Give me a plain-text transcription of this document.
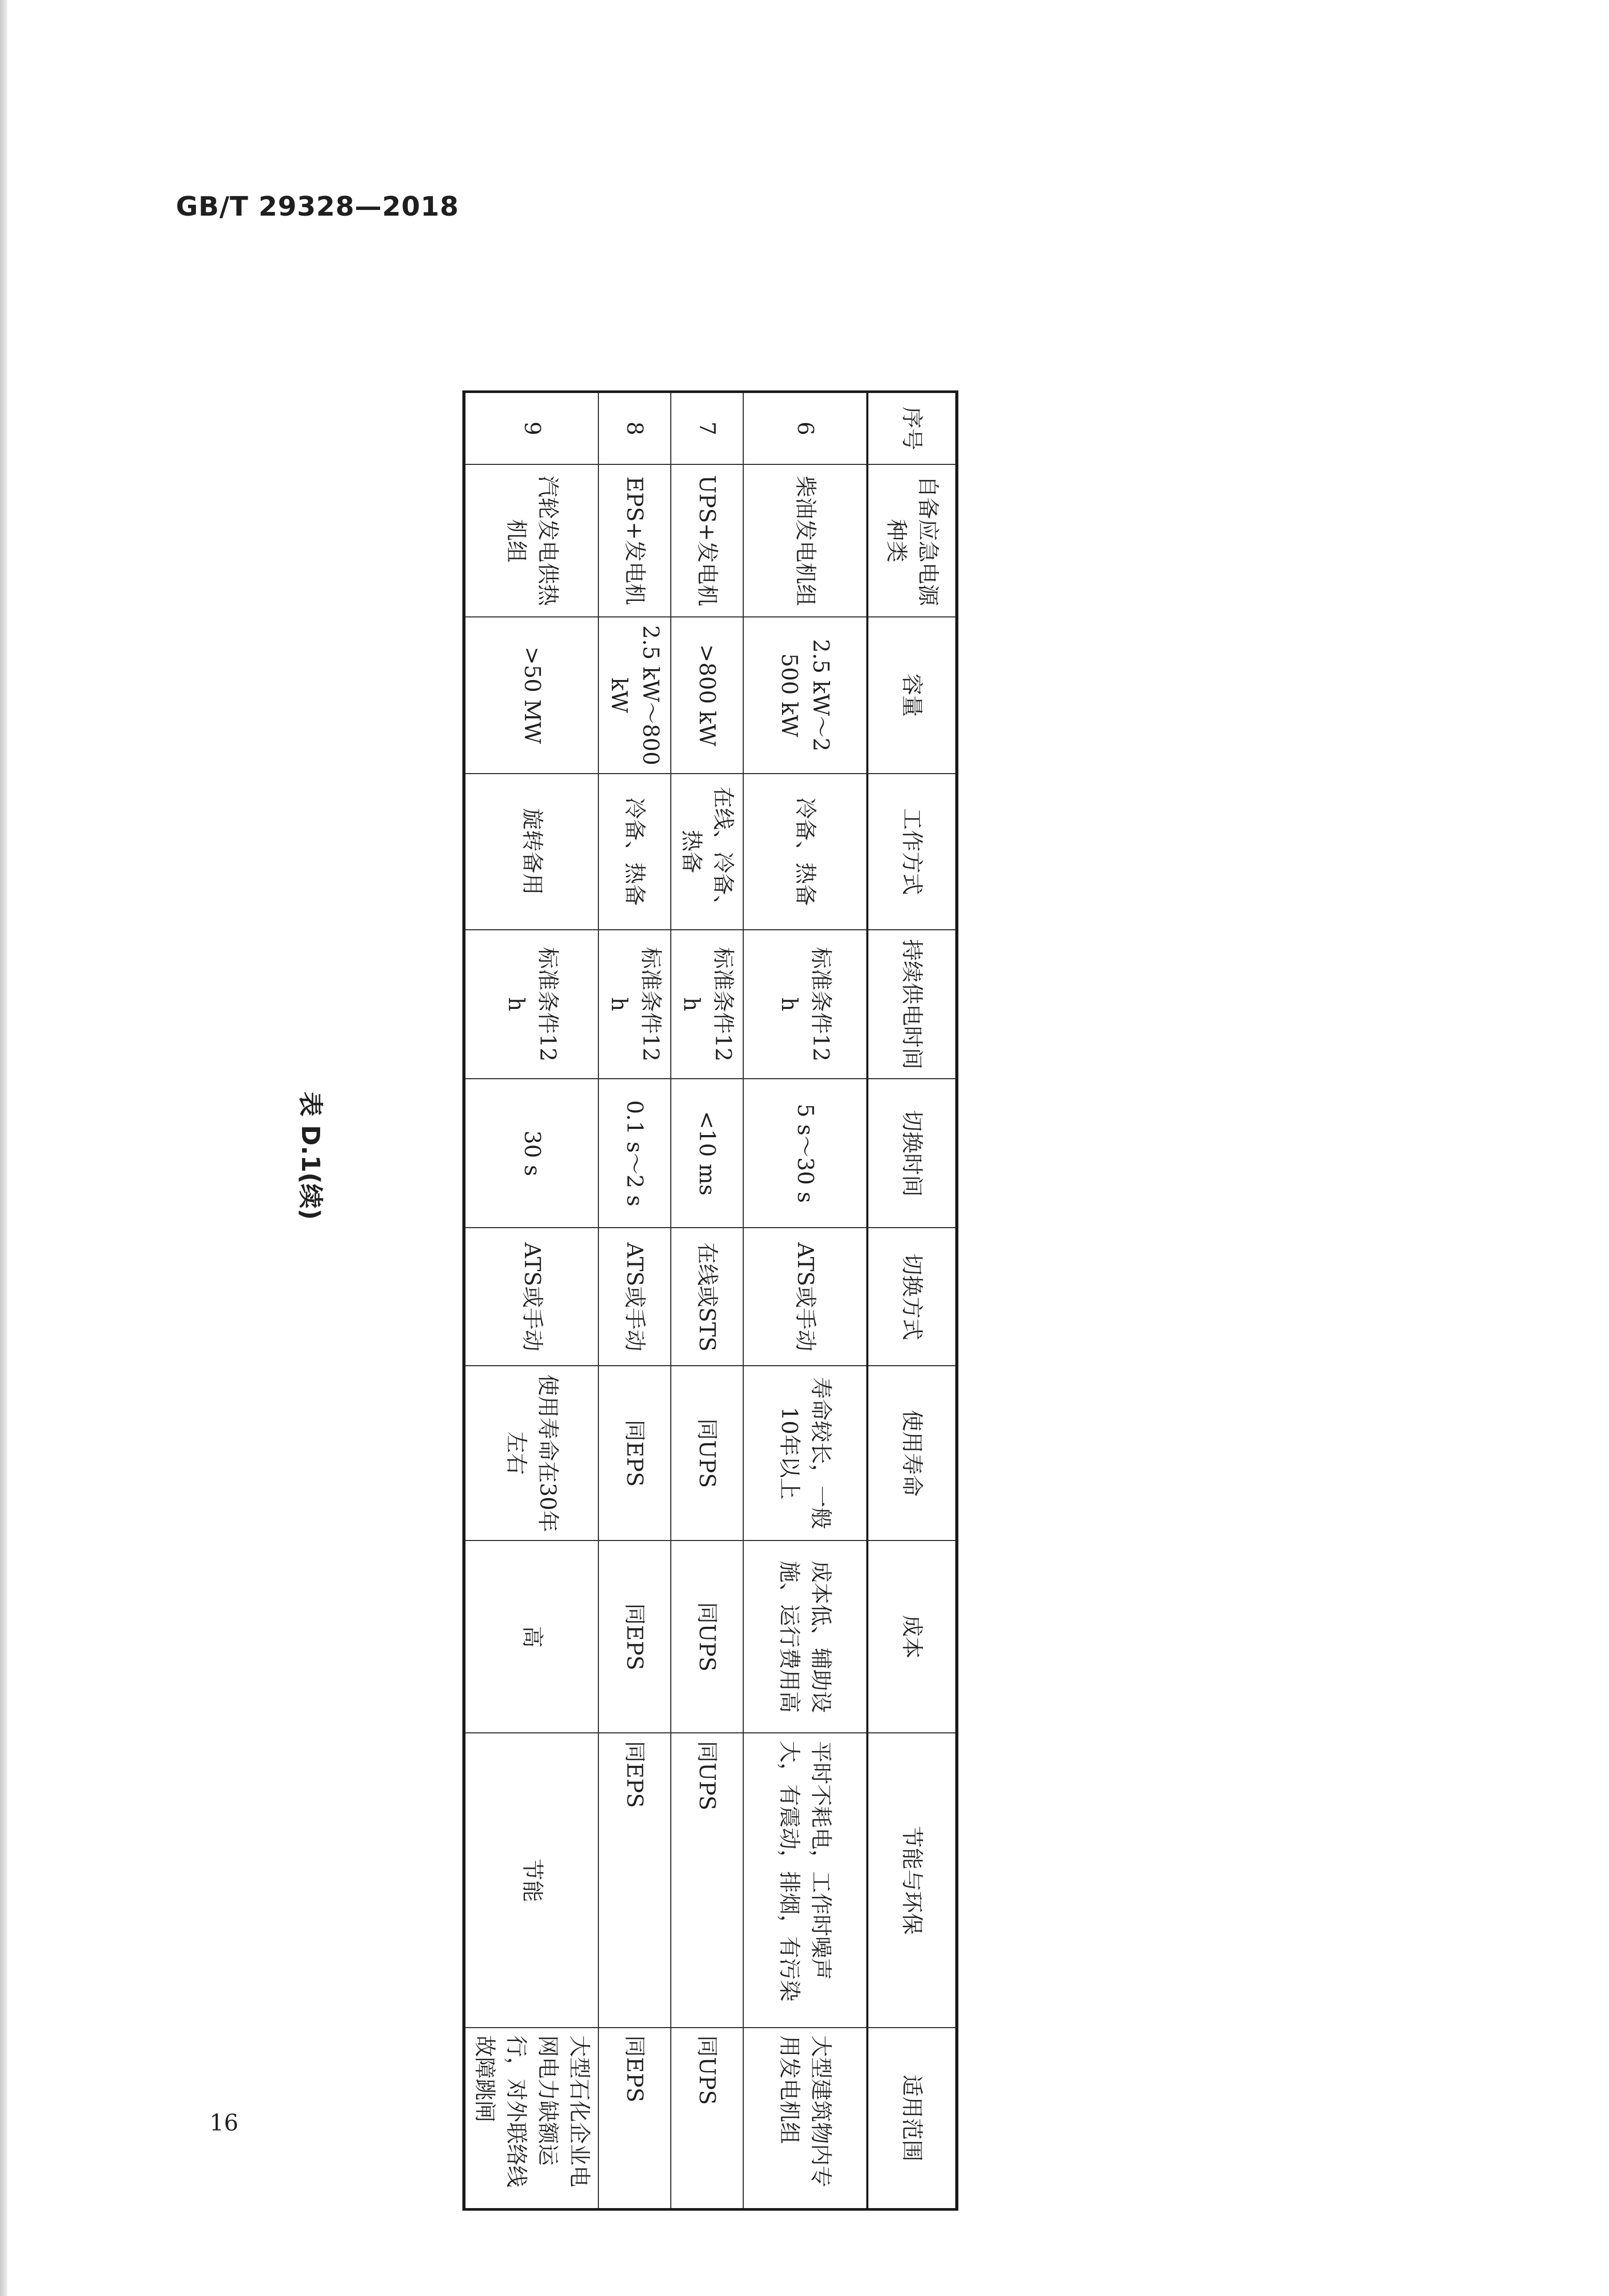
GB/T 29328—2018
表 D.1(续)
序号	自备应急电源种类	容量	工作方式	持续供电时间	切换时间	切换方式	使用寿命	成本	节能与环保	适用范围
6	柴油发电机组	2.5 kW～2 500 kW	冷备、热备	标准条件12 h	5 s～30 s	ATS或手动	寿命较长，一般10年以上	成本低、辅助设施、运行费用高	平时不耗电，工作时噪声大，有震动，排烟，有污染	大型建筑物内专用发电机组
7	UPS+发电机	>800 kW	在线、冷备、热备	标准条件12 h	<10 ms	在线或STS	同UPS	同UPS	同UPS	同UPS
8	EPS+发电机	2.5 kW～800 kW	冷备、热备	标准条件12 h	0.1 s～2 s	ATS或手动	同EPS	同EPS	同EPS	同EPS
9	汽轮发电供热机组	>50 MW	旋转备用	标准条件12 h	30 s	ATS或手动	使用寿命在30年左右	高	节能	大型石化企业电网电力缺额运行，对外联络线故障跳闸
16
